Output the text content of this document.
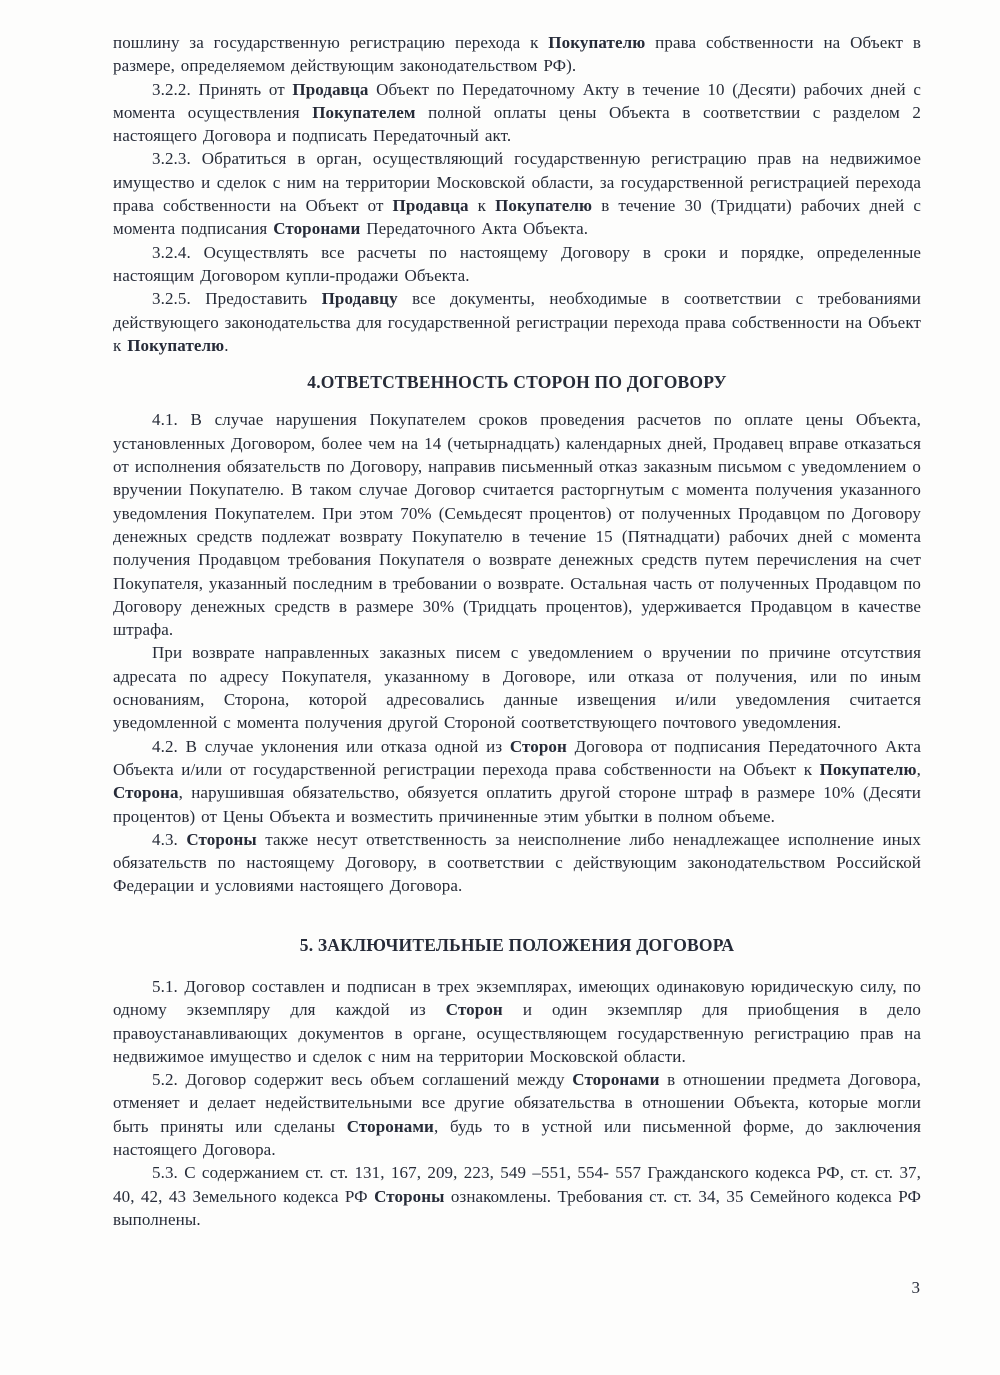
пошлину за государственную регистрацию перехода к Покупателю права собственности на Объект в размере, определяемом действующим законодательством РФ).

3.2.2. Принять от Продавца Объект по Передаточному Акту в течение 10 (Десяти) рабочих дней с момента осуществления Покупателем полной оплаты цены Объекта в соответствии с разделом 2 настоящего Договора и подписать Передаточный акт.

3.2.3. Обратиться в орган, осуществляющий государственную регистрацию прав на недвижимое имущество и сделок с ним на территории Московской области, за государственной регистрацией перехода права собственности на Объект от Продавца к Покупателю в течение 30 (Тридцати) рабочих дней с момента подписания Сторонами Передаточного Акта Объекта.

3.2.4. Осуществлять все расчеты по настоящему Договору в сроки и порядке, определенные настоящим Договором купли-продажи Объекта.

3.2.5. Предоставить Продавцу все документы, необходимые в соответствии с требованиями действующего законодательства для государственной регистрации перехода права собственности на Объект к Покупателю.

4.ОТВЕТСТВЕННОСТЬ СТОРОН ПО ДОГОВОРУ

4.1. В случае нарушения Покупателем сроков проведения расчетов по оплате цены Объекта, установленных Договором, более чем на 14 (четырнадцать) календарных дней, Продавец вправе отказаться от исполнения обязательств по Договору, направив письменный отказ заказным письмом с уведомлением о вручении Покупателю. В таком случае Договор считается расторгнутым с момента получения указанного уведомления Покупателем. При этом 70% (Семьдесят процентов) от полученных Продавцом по Договору денежных средств подлежат возврату Покупателю в течение 15 (Пятнадцати) рабочих дней с момента получения Продавцом требования Покупателя о возврате денежных средств путем перечисления на счет Покупателя, указанный последним в требовании о возврате. Остальная часть от полученных Продавцом по Договору денежных средств в размере 30% (Тридцать процентов), удерживается Продавцом в качестве штрафа.

При возврате направленных заказных писем с уведомлением о вручении по причине отсутствия адресата по адресу Покупателя, указанному в Договоре, или отказа от получения, или по иным основаниям, Сторона, которой адресовались данные извещения и/или уведомления считается уведомленной с момента получения другой Стороной соответствующего почтового уведомления.

4.2. В случае уклонения или отказа одной из Сторон Договора от подписания Передаточного Акта Объекта и/или от государственной регистрации перехода права собственности на Объект к Покупателю, Сторона, нарушившая обязательство, обязуется оплатить другой стороне штраф в размере 10% (Десяти процентов) от Цены Объекта и возместить причиненные этим убытки в полном объеме.

4.3. Стороны также несут ответственность за неисполнение либо ненадлежащее исполнение иных обязательств по настоящему Договору, в соответствии с действующим законодательством Российской Федерации и условиями настоящего Договора.

5. ЗАКЛЮЧИТЕЛЬНЫЕ ПОЛОЖЕНИЯ ДОГОВОРА

5.1. Договор составлен и подписан в трех экземплярах, имеющих одинаковую юридическую силу, по одному экземпляру для каждой из Сторон и один экземпляр для приобщения в дело правоустанавливающих документов в органе, осуществляющем государственную регистрацию прав на недвижимое имущество и сделок с ним на территории Московской области.

5.2. Договор содержит весь объем соглашений между Сторонами в отношении предмета Договора, отменяет и делает недействительными все другие обязательства в отношении Объекта, которые могли быть приняты или сделаны Сторонами, будь то в устной или письменной форме, до заключения настоящего Договора.

5.3. С содержанием ст. ст. 131, 167, 209, 223, 549 –551, 554- 557 Гражданского кодекса РФ, ст. ст. 37, 40, 42, 43 Земельного кодекса РФ Стороны ознакомлены. Требования ст. ст. 34, 35 Семейного кодекса РФ выполнены.

3
